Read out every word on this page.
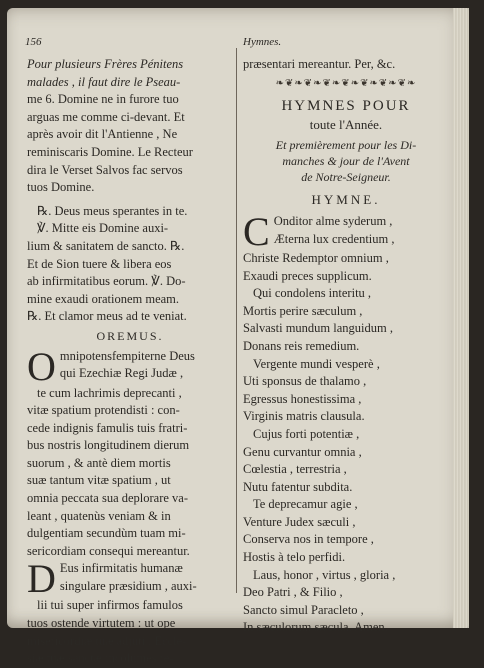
156	Hymnes.
Pour plusieurs Frères Pénitens
malades , il faut dire le Pseau-
me 6. Domine ne in furore tuo
arguas me comme ci-devant. Et
après avoir dit l'Antienne , Ne
reminiscaris Domine. Le Recteur
dira le Verset Salvos fac servos
tuos Domine.
℞. Deus meus sperantes in te.
℣. Mitte eis Domine auxi-
lium & sanitatem de sancto. ℞.
Et de Sion tuere & libera eos
ab infirmitatibus eorum. ℣. Do-
mine exaudi orationem meam.
℞. Et clamor meus ad te veniat.
OREMUS.
O mnipotensfempiterne Deus
qui Ezechiæ Regi Judæ ,
te cum lachrimis deprecanti ,
vitæ spatium protendisti : con-
cede indignis famulis tuis fratri-
bus nostris longitudinem dierum
suorum , & antè diem mortis
suæ tantum vitæ spatium , ut
omnia peccata sua deplorare va-
leant , quatenùs veniam & in
dulgentiam secundùm tuam mi-
sericordiam consequi mereantur.
D Eus infirmitatis humanæ
singulare præsidium , auxi-
lii tui super infirmos famulos
tuos ostende virtutem : ut ope
misericordiæ tuæ adjuti , Eccle-
siæ tuæ sanctæ incolumes re-
præsentari mereantur. Per, &c.
❧❦❧❦❧❦❧❦❧❦❧❦❧❦❧
HYMNES POUR
toute l'Année.
Et premièrement pour les Di-
manches & jour de l'Avent
de Notre-Seigneur.
HYMNE.
C Onditor alme syderum ,
Æterna lux credentium ,
Christe Redemptor omnium ,
Exaudi preces supplicum.
Qui condolens interitu ,
Mortis perire sæculum ,
Salvasti mundum languidum ,
Donans reis remedium.
Vergente mundi vesperè ,
Uti sponsus de thalamo ,
Egressus honestissima ,
Virginis matris clausula.
Cujus forti potentiæ ,
Genu curvantur omnia ,
Cœlestia , terrestria ,
Nutu fatentur subdita.
Te deprecamur agie ,
Venture Judex sæculi ,
Conserva nos in tempore ,
Hostis à telo perfidi.
Laus, honor , virtus , gloria ,
Deo Patri , & Filio ,
Sancto simul Paracleto ,
In sæculorum sæcula. Amen.
